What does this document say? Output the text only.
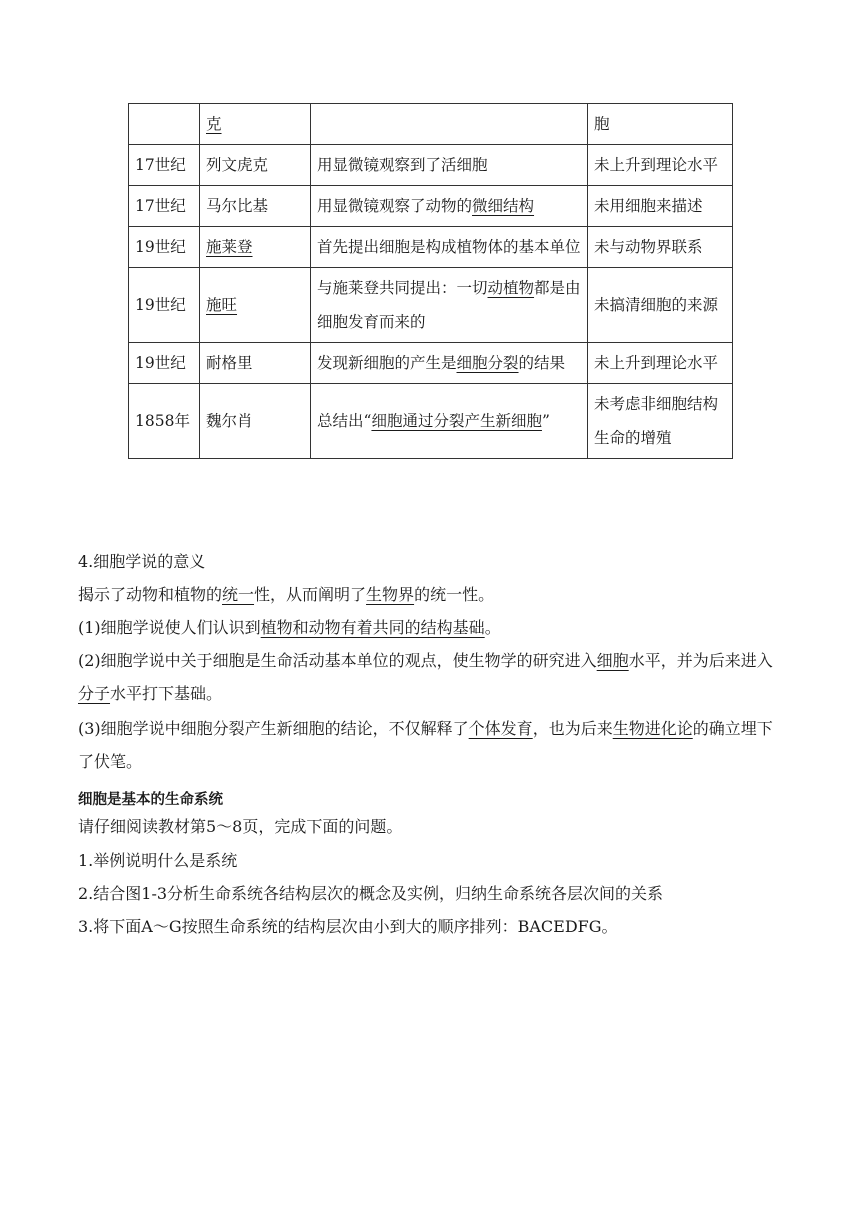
	克		胞
17世纪	列文虎克	用显微镜观察到了活细胞	未上升到理论水平
17世纪	马尔比基	用显微镜观察了动物的微细结构	未用细胞来描述
19世纪	施莱登	首先提出细胞是构成植物体的基本单位	未与动物界联系
19世纪	施旺	与施莱登共同提出：一切动植物都是由细胞发育而来的	未搞清细胞的来源
19世纪	耐格里	发现新细胞的产生是细胞分裂的结果	未上升到理论水平
1858年	魏尔肖	总结出“细胞通过分裂产生新细胞”	未考虑非细胞结构生命的增殖

4.细胞学说的意义

揭示了动物和植物的统一性，从而阐明了生物界的统一性。

(1)细胞学说使人们认识到植物和动物有着共同的结构基础。

(2)细胞学说中关于细胞是生命活动基本单位的观点，使生物学的研究进入细胞水平，并为后来进入分子水平打下基础。

(3)细胞学说中细胞分裂产生新细胞的结论，不仅解释了个体发育，也为后来生物进化论的确立埋下了伏笔。

细胞是基本的生命系统

请仔细阅读教材第5～8页，完成下面的问题。

1.举例说明什么是系统

2.结合图1-3分析生命系统各结构层次的概念及实例，归纳生命系统各层次间的关系

3.将下面A～G按照生命系统的结构层次由小到大的顺序排列：BACEDFG。
